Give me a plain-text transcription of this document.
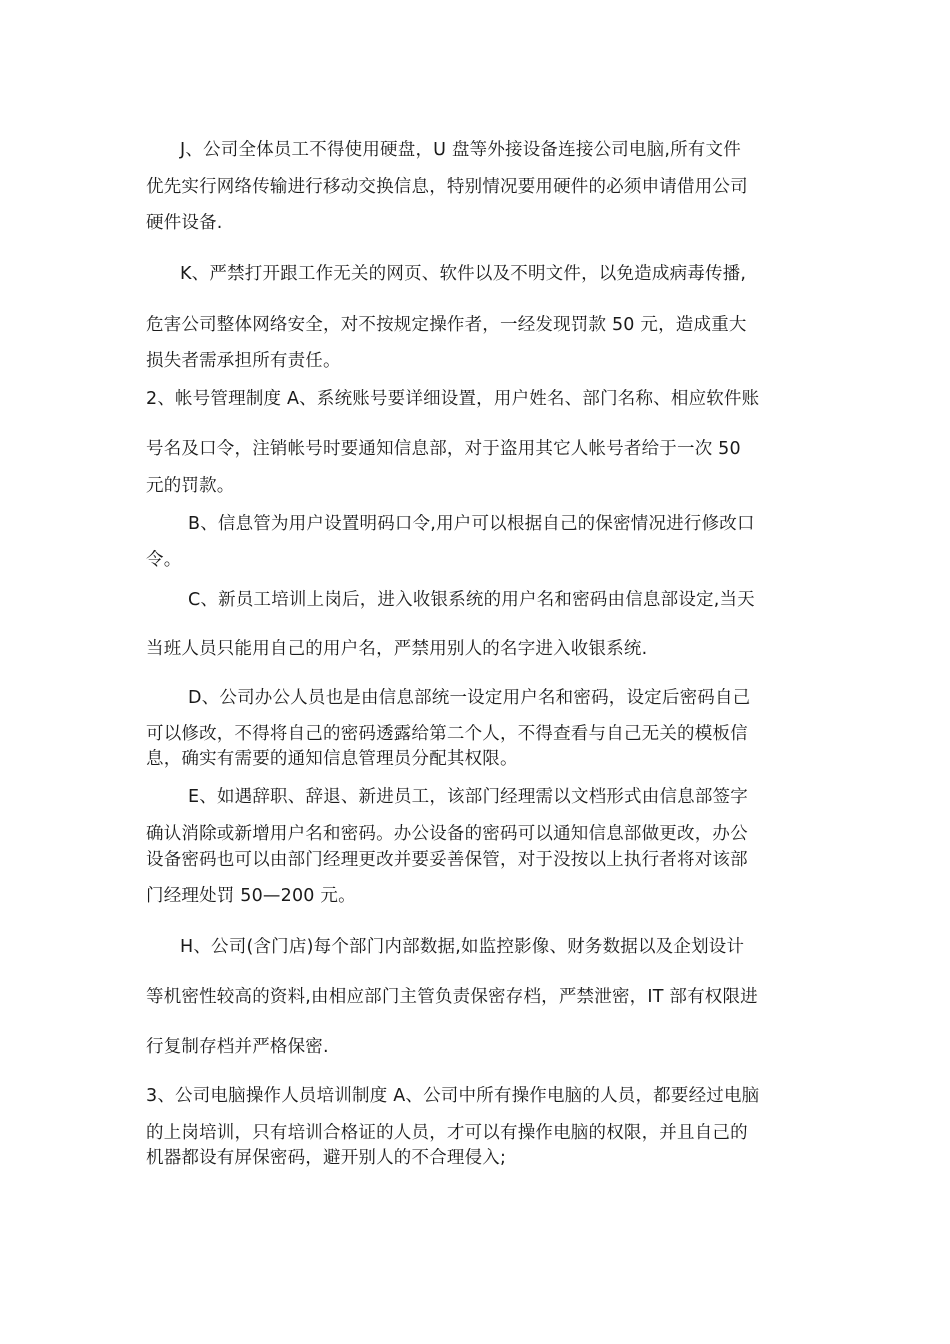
J、公司全体员工不得使用硬盘，U 盘等外接设备连接公司电脑,所有文件
优先实行网络传输进行移动交换信息，特别情况要用硬件的必须申请借用公司
硬件设备.
K、严禁打开跟工作无关的网页、软件以及不明文件，以免造成病毒传播,
危害公司整体网络安全，对不按规定操作者，一经发现罚款 50 元，造成重大
损失者需承担所有责任。
2、帐号管理制度 A、系统账号要详细设置，用户姓名、部门名称、相应软件账
号名及口令，注销帐号时要通知信息部，对于盗用其它人帐号者给于一次 50
元的罚款。
B、信息管为用户设置明码口令,用户可以根据自己的保密情况进行修改口
令。
C、新员工培训上岗后，进入收银系统的用户名和密码由信息部设定,当天
当班人员只能用自己的用户名，严禁用别人的名字进入收银系统.
D、公司办公人员也是由信息部统一设定用户名和密码，设定后密码自己
可以修改，不得将自己的密码透露给第二个人，不得查看与自己无关的模板信
息，确实有需要的通知信息管理员分配其权限。
E、如遇辞职、辞退、新进员工，该部门经理需以文档形式由信息部签字
确认消除或新增用户名和密码。办公设备的密码可以通知信息部做更改，办公
设备密码也可以由部门经理更改并要妥善保管，对于没按以上执行者将对该部
门经理处罚 50—200 元。
H、公司(含门店)每个部门内部数据,如监控影像、财务数据以及企划设计
等机密性较高的资料,由相应部门主管负责保密存档，严禁泄密，IT 部有权限进
行复制存档并严格保密.
3、公司电脑操作人员培训制度 A、公司中所有操作电脑的人员，都要经过电脑
的上岗培训，只有培训合格证的人员，才可以有操作电脑的权限，并且自己的
机器都设有屏保密码，避开别人的不合理侵入;
